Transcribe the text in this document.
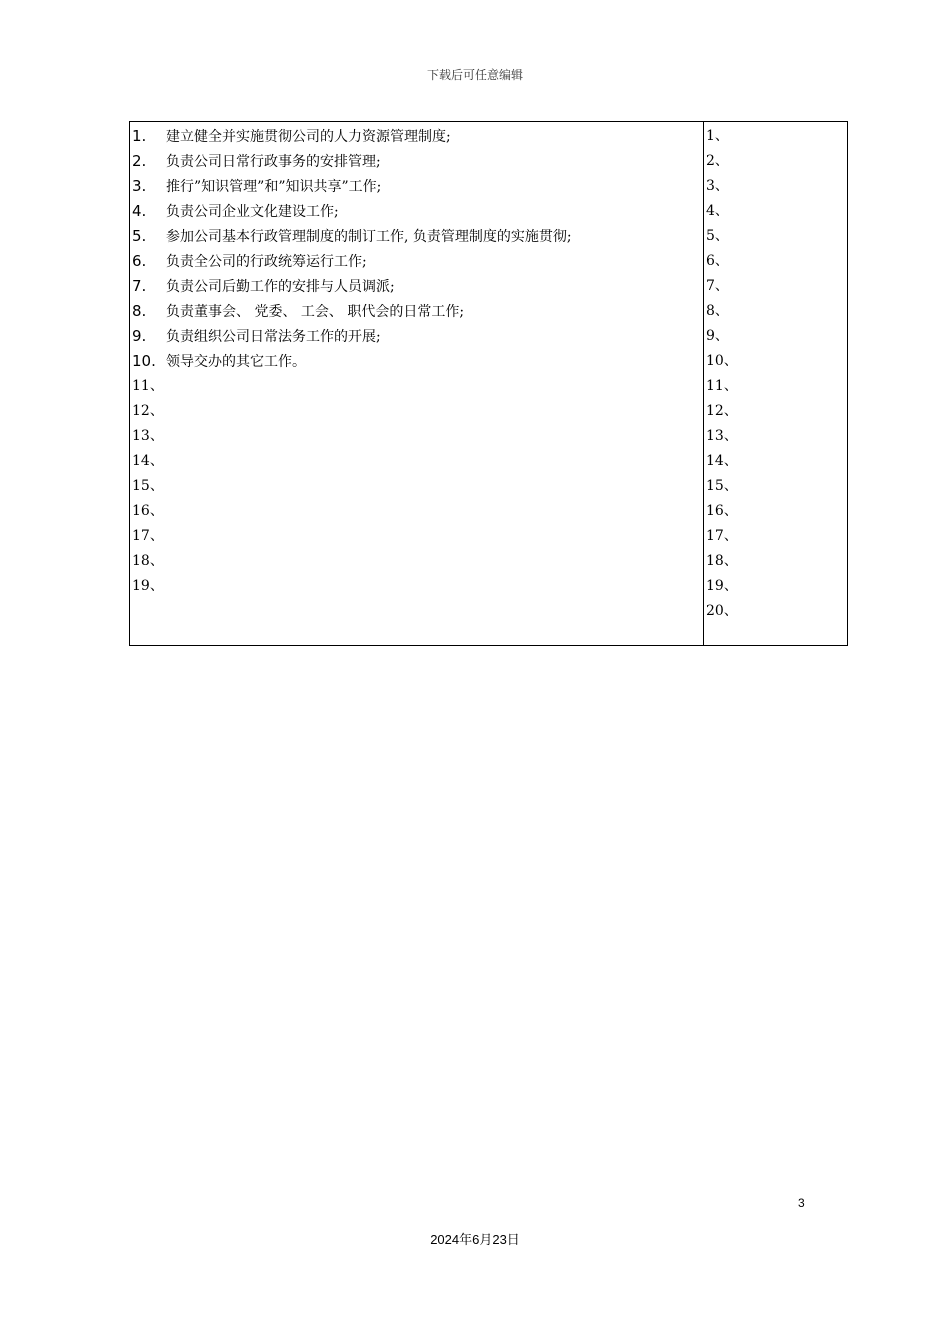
下载后可任意编辑
1. 建立健全并实施贯彻公司的人力资源管理制度;
2. 负责公司日常行政事务的安排管理;
3. 推行”知识管理”和”知识共享”工作;
4. 负责公司企业文化建设工作;
5. 参加公司基本行政管理制度的制订工作, 负责管理制度的实施贯彻;
6. 负责全公司的行政统筹运行工作;
7. 负责公司后勤工作的安排与人员调派;
8. 负责董事会、 党委、 工会、 职代会的日常工作;
9. 负责组织公司日常法务工作的开展;
10. 领导交办的其它工作。
11、
12、
13、
14、
15、
16、
17、
18、
19、
1、
2、
3、
4、
5、
6、
7、
8、
9、
10、
11、
12、
13、
14、
15、
16、
17、
18、
19、
20、
3
2024年6月23日
